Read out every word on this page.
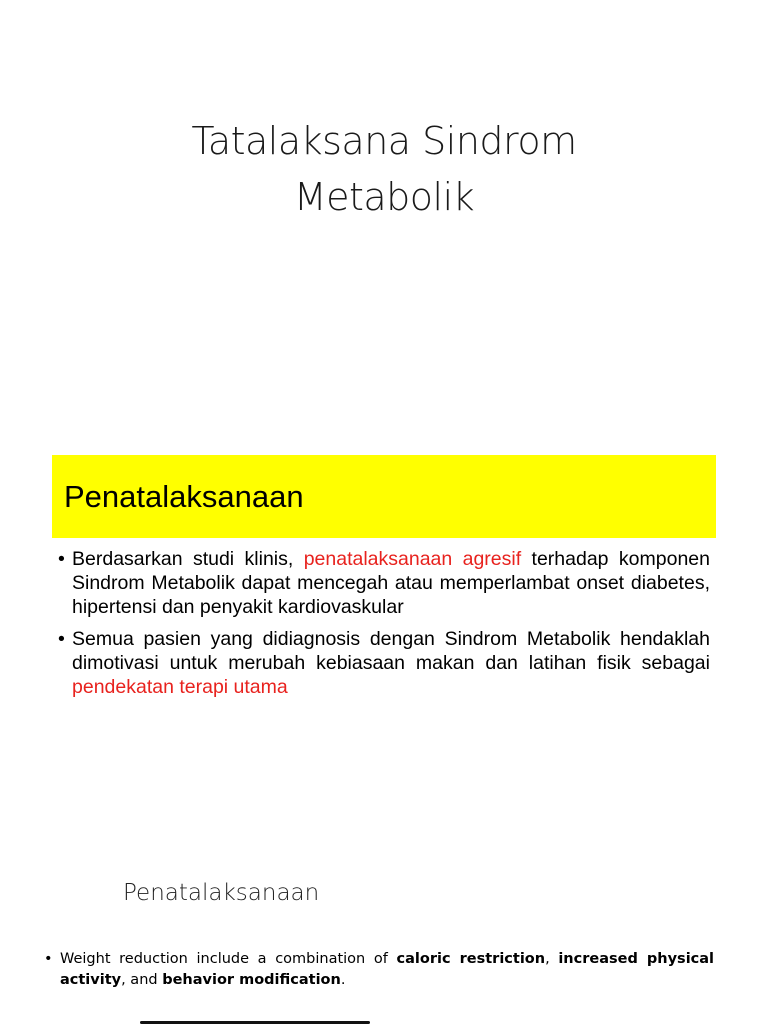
Tatalaksana Sindrom
Metabolik
Penatalaksanaan
• Berdasarkan studi klinis, penatalaksanaan agresif terhadap komponen Sindrom Metabolik dapat mencegah atau memperlambat onset diabetes, hipertensi dan penyakit kardiovaskular
• Semua pasien yang didiagnosis dengan Sindrom Metabolik hendaklah dimotivasi untuk merubah kebiasaan makan dan latihan fisik sebagai pendekatan terapi utama
Penatalaksanaan
• Weight reduction include a combination of caloric restriction, increased physical activity, and behavior modification.
